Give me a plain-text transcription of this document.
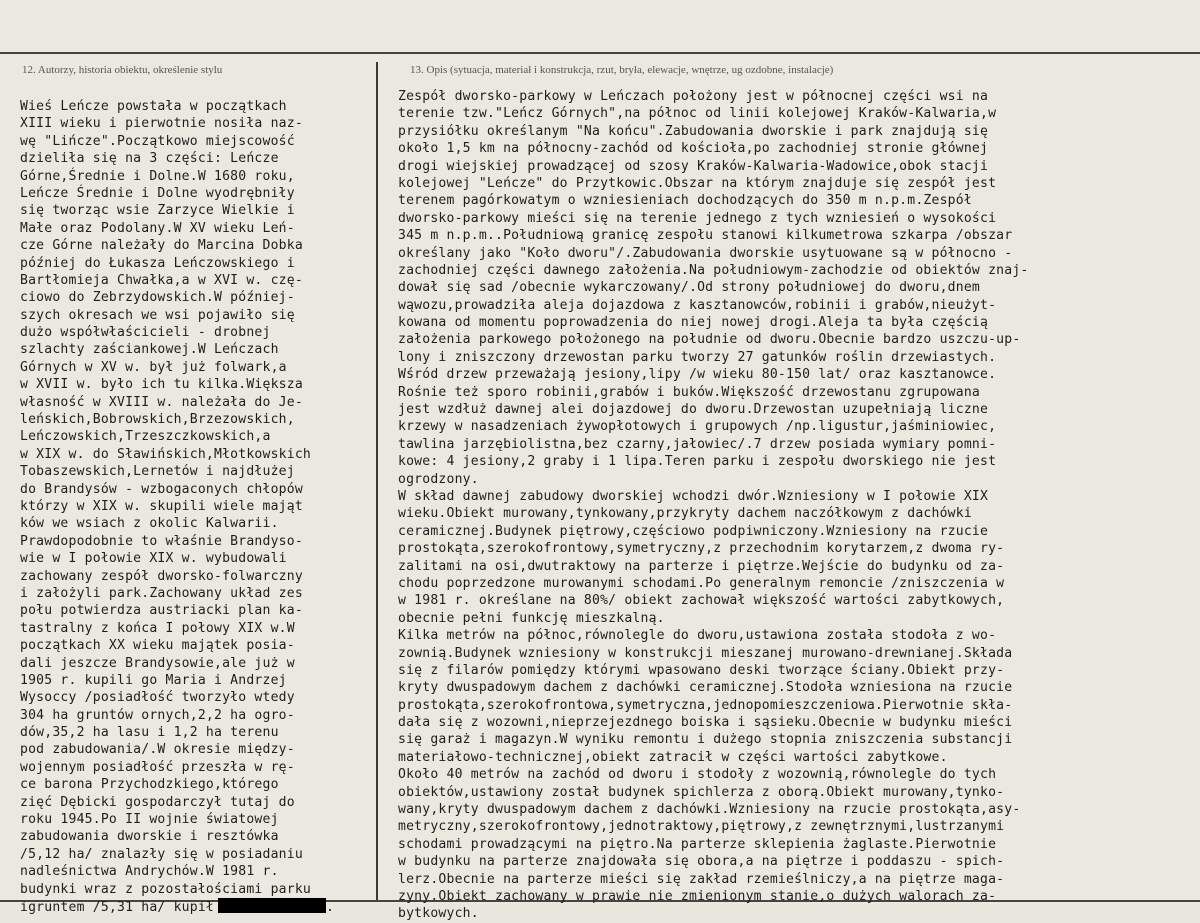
12. Autorzy, historia obiektu, określenie stylu	13. Opis (sytuacja, materiał i konstrukcja, rzut, bryła, elewacje, wnętrze, ug ozdobne, instalacje)
Wieś Leńcze powstała w początkach
XIII wieku i pierwotnie nosiła naz-
wę "Lińcze".Początkowo miejscowość
dzieliła się na 3 części: Leńcze
Górne,Średnie i Dolne.W 1680 roku,
Leńcze Średnie i Dolne wyodrębniły
się tworząc wsie Zarzyce Wielkie i
Małe oraz Podolany.W XV wieku Leń-
cze Górne należały do Marcina Dobka
później do Łukasza Leńczowskiego i
Bartłomieja Chwałka,a w XVI w. czę-
ciowo do Zebrzydowskich.W później-
szych okresach we wsi pojawiło się
dużo współwłaścicieli - drobnej
szlachty zaściankowej.W Leńczach
Górnych w XV w. był już folwark,a
w XVII w. było ich tu kilka.Większa
własność w XVIII w. należała do Je-
leńskich,Bobrowskich,Brzezowskich,
Leńczowskich,Trzeszczkowskich,a
w XIX w. do Sławińskich,Młotkowskich
Tobaszewskich,Lernetów i najdłużej
do Brandysów - wzbogaconych chłopów
którzy w XIX w. skupili wiele mająt
ków we wsiach z okolic Kalwarii.
Prawdopodobnie to właśnie Brandyso-
wie w I połowie XIX w. wybudowali
zachowany zespół dworsko-folwarczny
i założyli park.Zachowany układ zes
połu potwierdza austriacki plan ka-
tastralny z końca I połowy XIX w.W
początkach XX wieku majątek posia-
dali jeszcze Brandysowie,ale już w
1905 r. kupili go Maria i Andrzej
Wysoccy /posiadłość tworzyło wtedy
304 ha gruntów ornych,2,2 ha ogro-
dów,35,2 ha lasu i 1,2 ha terenu
pod zabudowania/.W okresie między-
wojennym posiadłość przeszła w rę-
ce barona Przychodzkiego,którego
zięć Dębicki gospodarczył tutaj do
roku 1945.Po II wojnie światowej
zabudowania dworskie i resztówka
/5,12 ha/ znalazły się w posiadaniu
nadleśnictwa Andrychów.W 1981 r.
budynki wraz z pozostałościami parku
igruntem /5,31 ha/ kupił	.
Zespół dworsko-parkowy w Leńczach położony jest w północnej części wsi na
terenie tzw."Leńcz Górnych",na północ od linii kolejowej Kraków-Kalwaria,w
przysiółku określanym "Na końcu".Zabudowania dworskie i park znajdują się
około 1,5 km na północny-zachód od kościoła,po zachodniej stronie głównej
drogi wiejskiej prowadzącej od szosy Kraków-Kalwaria-Wadowice,obok stacji
kolejowej "Leńcze" do Przytkowic.Obszar na którym znajduje się zespół jest
terenem pagórkowatym o wzniesieniach dochodzących do 350 m n.p.m.Zespół
dworsko-parkowy mieści się na terenie jednego z tych wzniesień o wysokości
345 m n.p.m..Południową granicę zespołu stanowi kilkumetrowa szkarpa /obszar
określany jako "Koło dworu"/.Zabudowania dworskie usytuowane są w północno -
zachodniej części dawnego założenia.Na południowym-zachodzie od obiektów znaj-
dował się sad /obecnie wykarczowany/.Od strony południowej do dworu,dnem
wąwozu,prowadziła aleja dojazdowa z kasztanowców,robinii i grabów,nieużyt-
kowana od momentu poprowadzenia do niej nowej drogi.Aleja ta była częścią
założenia parkowego położonego na południe od dworu.Obecnie bardzo uszczu-up-
lony i zniszczony drzewostan parku tworzy 27 gatunków roślin drzewiastych.
Wśród drzew przeważają jesiony,lipy /w wieku 80-150 lat/ oraz kasztanowce.
Rośnie też sporo robinii,grabów i buków.Większość drzewostanu zgrupowana
jest wzdłuż dawnej alei dojazdowej do dworu.Drzewostan uzupełniają liczne
krzewy w nasadzeniach żywopłotowych i grupowych /np.ligustur,jaśminiowiec,
tawlina jarzębiolistna,bez czarny,jałowiec/.7 drzew posiada wymiary pomni-
kowe: 4 jesiony,2 graby i 1 lipa.Teren parku i zespołu dworskiego nie jest
ogrodzony.
W skład dawnej zabudowy dworskiej wchodzi dwór.Wzniesiony w I połowie XIX
wieku.Obiekt murowany,tynkowany,przykryty dachem naczółkowym z dachówki
ceramicznej.Budynek piętrowy,częściowo podpiwniczony.Wzniesiony na rzucie
prostokąta,szerokofrontowy,symetryczny,z przechodnim korytarzem,z dwoma ry-
zalitami na osi,dwutraktowy na parterze i piętrze.Wejście do budynku od za-
chodu poprzedzone murowanymi schodami.Po generalnym remoncie /zniszczenia w
w 1981 r. określane na 80%/ obiekt zachował większość wartości zabytkowych,
obecnie pełni funkcję mieszkalną.
Kilka metrów na północ,równolegle do dworu,ustawiona została stodoła z wo-
zownią.Budynek wzniesiony w konstrukcji mieszanej murowano-drewnianej.Składa
się z filarów pomiędzy którymi wpasowano deski tworzące ściany.Obiekt przy-
kryty dwuspadowym dachem z dachówki ceramicznej.Stodoła wzniesiona na rzucie
prostokąta,szerokofrontowa,symetryczna,jednopomieszczeniowa.Pierwotnie skła-
dała się z wozowni,nieprzejezdnego boiska i sąsieku.Obecnie w budynku mieści
się garaż i magazyn.W wyniku remontu i dużego stopnia zniszczenia substancji
materiałowo-technicznej,obiekt zatracił w części wartości zabytkowe.
Około 40 metrów na zachód od dworu i stodoły z wozownią,równolegle do tych
obiektów,ustawiony został budynek spichlerza z oborą.Obiekt murowany,tynko-
wany,kryty dwuspadowym dachem z dachówki.Wzniesiony na rzucie prostokąta,asy-
metryczny,szerokofrontowy,jednotraktowy,piętrowy,z zewnętrznymi,lustrzanymi
schodami prowadzącymi na piętro.Na parterze sklepienia żaglaste.Pierwotnie
w budynku na parterze znajdowała się obora,a na piętrze i poddaszu - spich-
lerz.Obecnie na parterze mieści się zakład rzemieślniczy,a na piętrze maga-
zyny.Obiekt zachowany w prawie nie zmienionym stanie,o dużych walorach za-
bytkowych.
